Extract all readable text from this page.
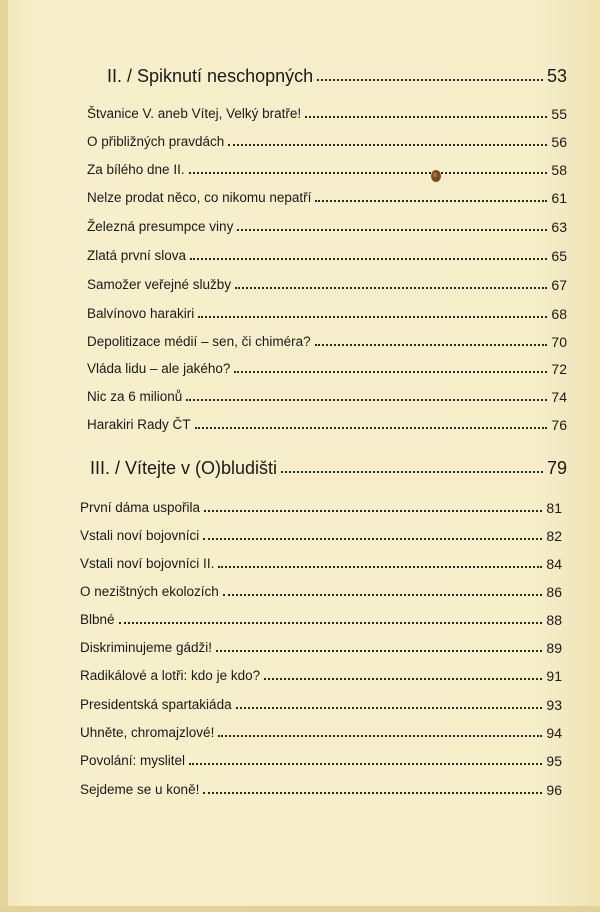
II. / Spiknutí neschopných	53
Štvanice V. aneb Vítej, Velký bratře!	55
O přibližných pravdách	56
Za bílého dne II.	58
Nelze prodat něco, co nikomu nepatří	61
Železná presumpce viny	63
Zlatá první slova	65
Samožer veřejné služby	67
Balvínovo harakiri	68
Depolitizace médií – sen, či chiméra?	70
Vláda lidu – ale jakého?	72
Nic za 6 milionů	74
Harakiri Rady ČT	76
III. / Vítejte v (O)bludišti	79
První dáma uspořila	81
Vstali noví bojovníci	82
Vstali noví bojovníci II.	84
O nezištných ekolozích	86
Blbné	88
Diskriminujeme gádži!	89
Radikálové a lotři: kdo je kdo?	91
Presidentská spartakiáda	93
Uhněte, chromajzlové!	94
Povolání: myslitel	95
Sejdeme se u koně!	96
